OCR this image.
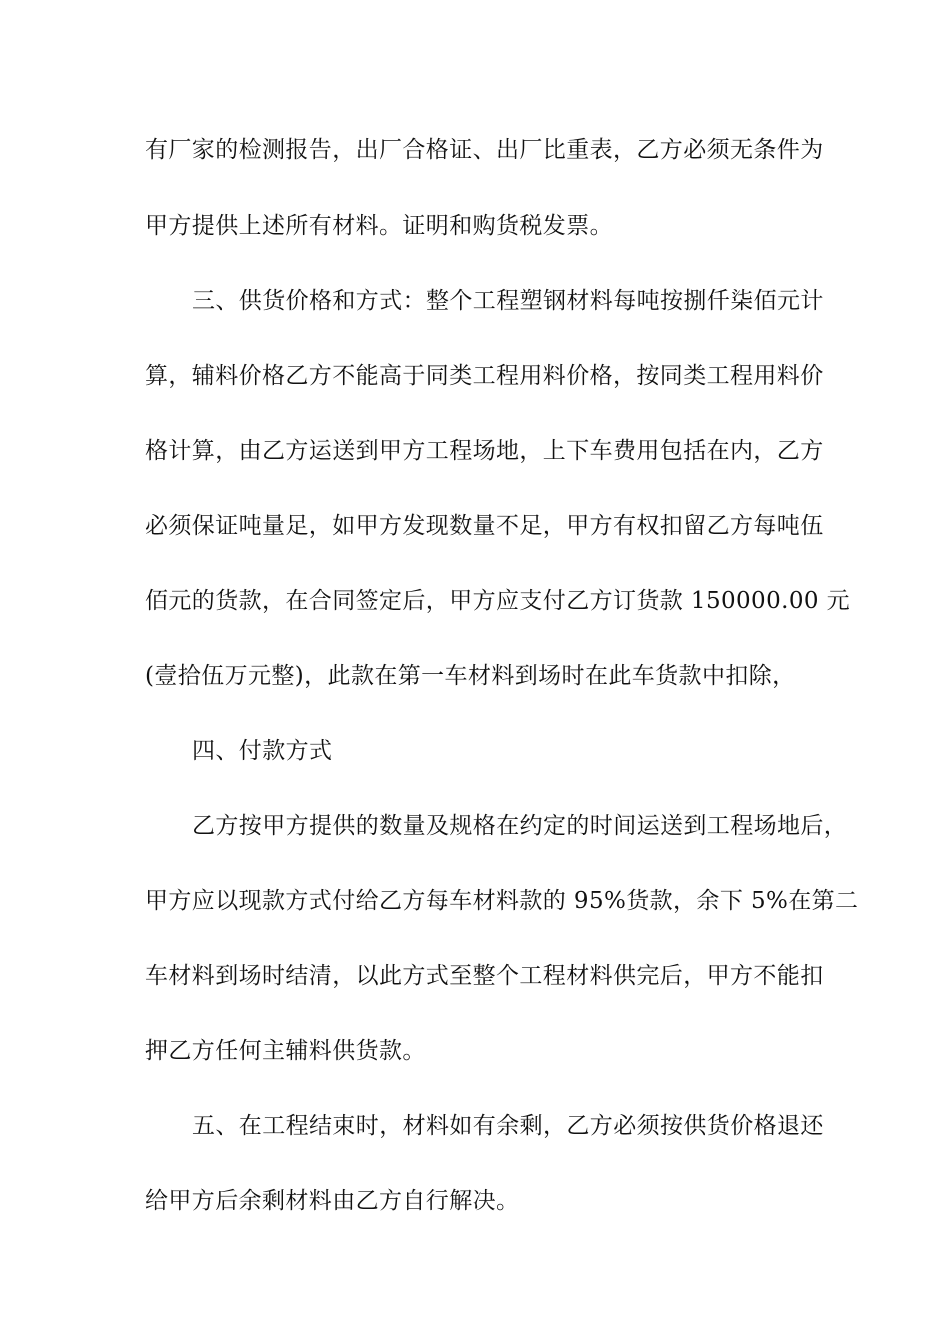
有厂家的检测报告，出厂合格证、出厂比重表，乙方必须无条件为
甲方提供上述所有材料。证明和购货税发票。
三、供货价格和方式：整个工程塑钢材料每吨按捌仟柒佰元计
算，辅料价格乙方不能高于同类工程用料价格，按同类工程用料价
格计算，由乙方运送到甲方工程场地，上下车费用包括在内，乙方
必须保证吨量足，如甲方发现数量不足，甲方有权扣留乙方每吨伍
佰元的货款，在合同签定后，甲方应支付乙方订货款 150000.00 元
(壹拾伍万元整)，此款在第一车材料到场时在此车货款中扣除，
四、付款方式
乙方按甲方提供的数量及规格在约定的时间运送到工程场地后，
甲方应以现款方式付给乙方每车材料款的 95%货款，余下 5%在第二
车材料到场时结清，以此方式至整个工程材料供完后，甲方不能扣
押乙方任何主辅料供货款。
五、在工程结束时，材料如有余剩，乙方必须按供货价格退还
给甲方后余剩材料由乙方自行解决。
